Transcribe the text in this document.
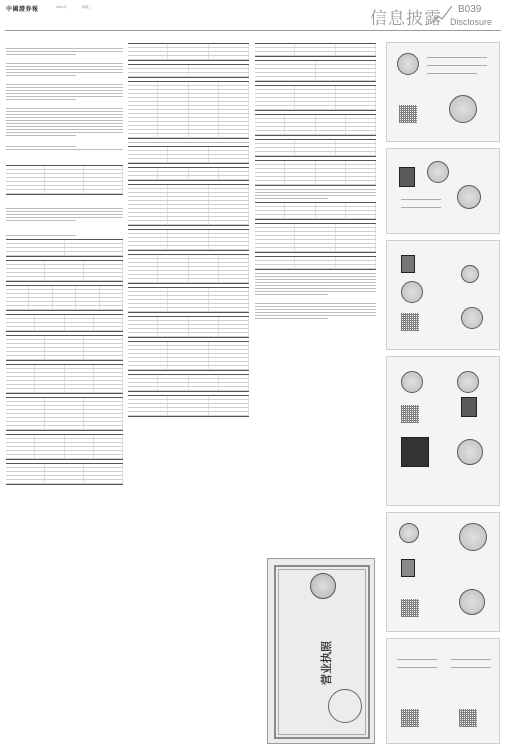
中國證券報	2021年	星期三
信息披露 B039
Disclosure
营业执照
